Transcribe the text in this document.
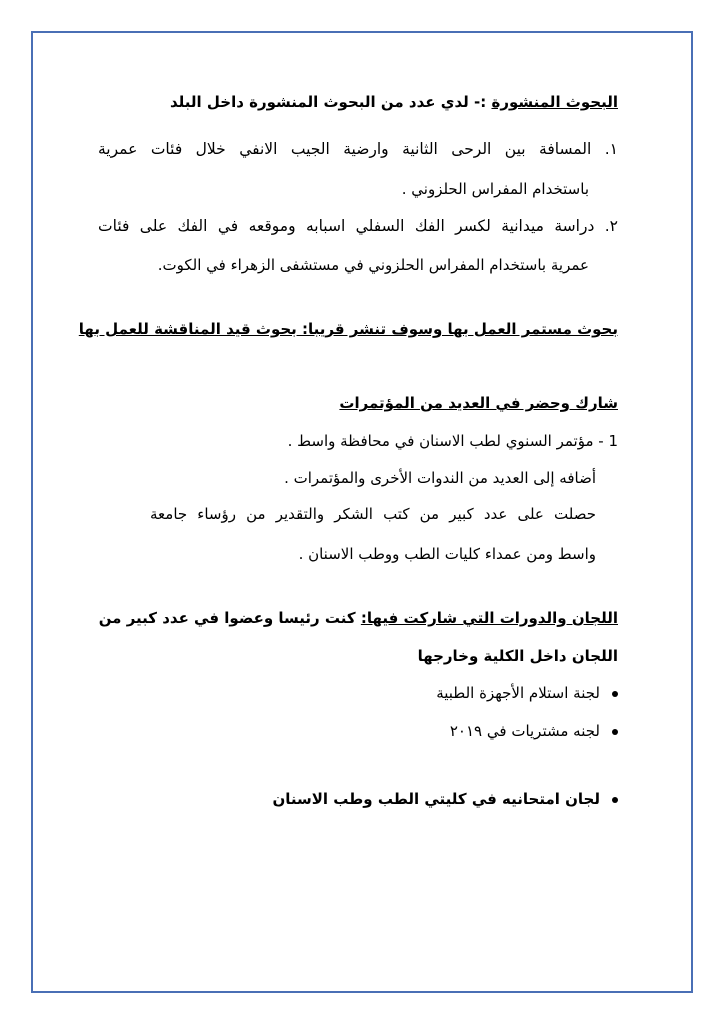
البحوث المنشورة :- لدي عدد من البحوث المنشورة داخل البلد
١. المسافة بين الرحى الثانية وارضية الجيب الانفي خلال فئات عمرية
باستخدام المفراس الحلزوني .
٢. دراسة ميدانية لكسر الفك السفلي اسبابه وموقعه في الفك على فئات
عمرية باستخدام المفراس الحلزوني في مستشفى الزهراء في الكوت.
بحوث مستمر العمل بها وسوف تنشر قريبا: بحوث قيد المناقشة للعمل بها
شارك وحضر في العديد من المؤتمرات
1 - مؤتمر السنوي لطب الاسنان في محافظة واسط .
أضافه إلى العديد من الندوات الأخرى والمؤتمرات .
حصلت على عدد كبير من كتب الشكر والتقدير من رؤساء جامعة
واسط ومن عمداء كليات الطب ووطب الاسنان .
اللجان والدورات التي شاركت فيها: كنت رئيسا وعضوا في عدد كبير من
اللجان داخل الكلية وخارجها
لجنة استلام الأجهزة الطبية
لجنه مشتريات في ٢٠١٩
لجان امتحانيه في كليتي الطب وطب الاسنان
